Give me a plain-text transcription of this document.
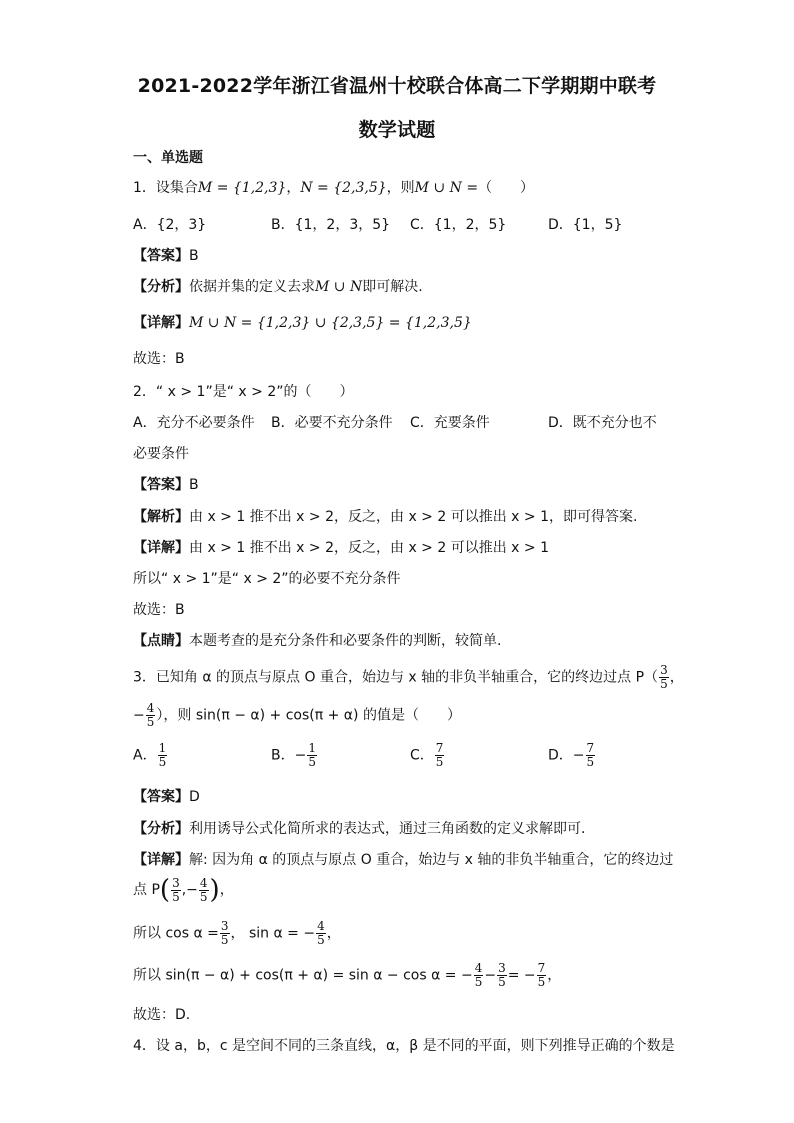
2021-2022学年浙江省温州十校联合体高二下学期期中联考
数学试题
一、单选题
1．设集合M = {1,2,3}，N = {2,3,5}，则M ∪ N =（　　）
A．{2，3}	B．{1，2，3，5} C．{1，2，5}	D．{1，5}
【答案】B
【分析】依据并集的定义去求M ∪ N即可解决.
【详解】M ∪ N = {1,2,3} ∪ {2,3,5} = {1,2,3,5}
故选：B
2．“ x > 1”是“ x > 2”的（　　）
A．充分不必要条件 B．必要不充分条件 C．充要条件	D．既不充分也不
必要条件
【答案】B
【解析】由 x > 1 推不出 x > 2，反之，由 x > 2 可以推出 x > 1，即可得答案.
【详解】由 x > 1 推不出 x > 2，反之，由 x > 2 可以推出 x > 1
所以“ x > 1”是“ x > 2”的必要不充分条件
故选：B
【点睛】本题考查的是充分条件和必要条件的判断，较简单.
3．已知角 α 的顶点与原点 O 重合，始边与 x 轴的非负半轴重合，它的终边过点 $P( \frac{3}{5}$ ，
− $\frac{4}{5}$ ），则 sin(π − α) + cos(π + α) 的值是（　　）
A． $\frac{1}{5}$	B．− $\frac{1}{5}$	C． $\frac{7}{5}$	D．− $\frac{7}{5}$
【答案】D
【分析】利用诱导公式化简所求的表达式，通过三角函数的定义求解即可．
【详解】解: 因为角 α 的顶点与原点 O 重合，始边与 x 轴的非负半轴重合，它的终边过
点 $P( \frac{3}{5}$ ,− $\frac{4}{5}$ )，
所以 $\cos \alpha = \frac{3}{5}$ ， sin α = − $\frac{4}{5}$ ，
所以 sin(π − α) + cos(π + α) = sin α − cos α = − $\frac{4}{5} - \frac{3}{5}$ = − $\frac{7}{5}$ ，
故选：D.
4．设 a，b，c 是空间不同的三条直线，α，β 是不同的平面，则下列推导正确的个数是
